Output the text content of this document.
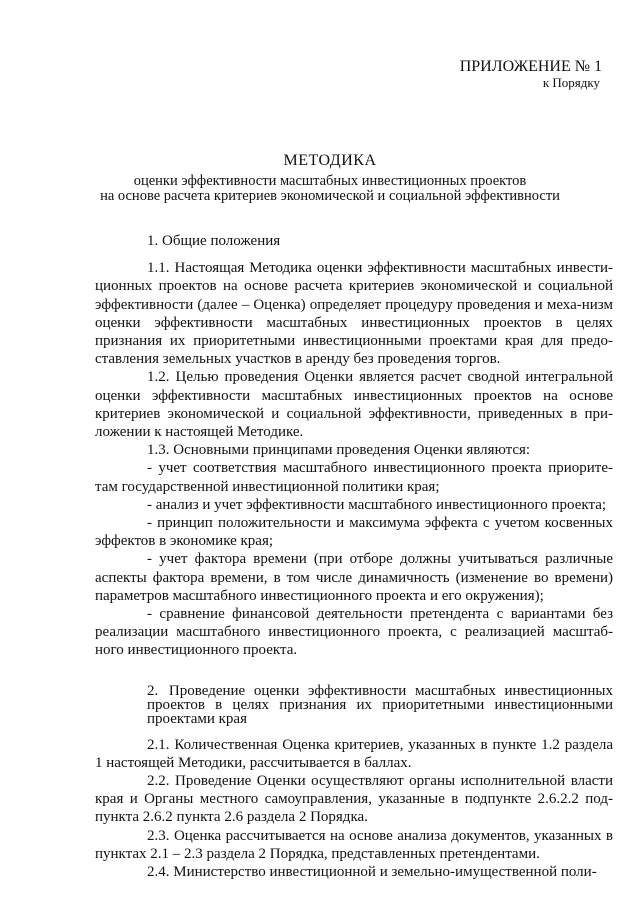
ПРИЛОЖЕНИЕ № 1
к Порядку
МЕТОДИКА
оценки эффективности масштабных инвестиционных проектов
на основе расчета критериев экономической и социальной эффективности

1. Общие положения

1.1. Настоящая Методика оценки эффективности масштабных инвести-ционных проектов на основе расчета критериев экономической и социальной эффективности (далее – Оценка) определяет процедуру проведения и меха-низм оценки эффективности масштабных инвестиционных проектов в целях признания их приоритетными инвестиционными проектами края для предо-ставления земельных участков в аренду без проведения торгов.

1.2. Целью проведения Оценки является расчет сводной интегральной оценки эффективности масштабных инвестиционных проектов на основе критериев экономической и социальной эффективности, приведенных в при-ложении к настоящей Методике.

1.3. Основными принципами проведения Оценки являются:

- учет соответствия масштабного инвестиционного проекта приорите-там государственной инвестиционной политики края;

- анализ и учет эффективности масштабного инвестиционного проекта;

- принцип положительности и максимума эффекта с учетом косвенных эффектов в экономике края;

- учет фактора времени (при отборе должны учитываться различные аспекты фактора времени, в том числе динамичность (изменение во времени) параметров масштабного инвестиционного проекта и его окружения);

- сравнение финансовой деятельности претендента с вариантами без реализации масштабного инвестиционного проекта, с реализацией масштаб-ного инвестиционного проекта.

2. Проведение оценки эффективности масштабных инвестиционных проектов в целях признания их приоритетными инвестиционными проектами края

2.1. Количественная Оценка критериев, указанных в пункте 1.2 раздела 1 настоящей Методики, рассчитывается в баллах.

2.2. Проведение Оценки осуществляют органы исполнительной власти края и Органы местного самоуправления, указанные в подпункте 2.6.2.2 под-пункта 2.6.2 пункта 2.6 раздела 2 Порядка.

2.3. Оценка рассчитывается на основе анализа документов, указанных в пунктах 2.1 – 2.3 раздела 2 Порядка, представленных претендентами.

2.4. Министерство инвестиционной и земельно-имущественной поли-
